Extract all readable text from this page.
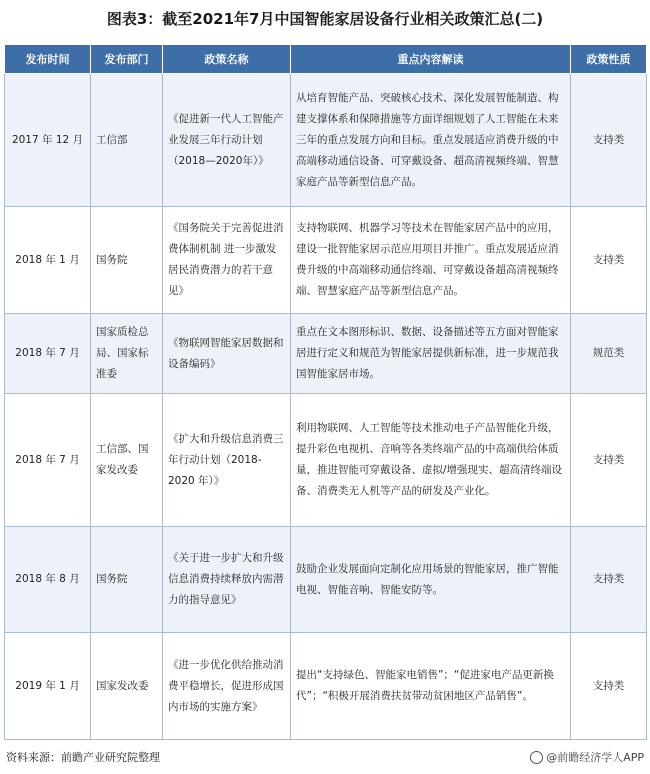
图表3：截至2021年7月中国智能家居设备行业相关政策汇总(二)
发布时间	发布部门	政策名称	重点内容解读	政策性质
2017 年 12 月	工信部	《促进新一代人工智能产业发展三年行动计划（2018—2020年）》	从培育智能产品、突破核心技术、深化发展智能制造、构建支撑体系和保障措施等方面详细规划了人工智能在未来三年的重点发展方向和目标。重点发展适应消费升级的中高端移动通信设备、可穿戴设备、超高清视频终端、智慧家庭产品等新型信息产品。	支持类
2018 年 1 月	国务院	《国务院关于完善促进消费体制机制 进一步激发居民消费潜力的若干意见》	支持物联网、机器学习等技术在智能家居产品中的应用，建设一批智能家居示范应用项目并推广。重点发展适应消费升级的中高端移动通信终端、可穿戴设备超高清视频终端、智慧家庭产品等新型信息产品。	支持类
2018 年 7 月	国家质检总局、国家标准委	《物联网智能家居数据和设备编码》	重点在文本图形标识、数据、设备描述等五方面对智能家居进行定义和规范为智能家居提供新标准，进一步规范我国智能家居市场。	规范类
2018 年 7 月	工信部、国家发改委	《扩大和升级信息消费三年行动计划（2018-2020 年）》	利用物联网、人工智能等技术推动电子产品智能化升级，提升彩色电视机、音响等各类终端产品的中高端供给体质量，推进智能可穿戴设备、虚拟/增强现实、超高清终端设备、消费类无人机等产品的研发及产业化。	支持类
2018 年 8 月	国务院	《关于进一步扩大和升级信息消费持续释放内需潜力的指导意见》	鼓励企业发展面向定制化应用场景的智能家居，推广智能电视、智能音响、智能安防等。	支持类
2019 年 1 月	国家发改委	《进一步优化供给推动消费平稳增长，促进形成国内市场的实施方案》	提出“支持绿色、智能家电销售”；“促进家电产品更新换代”；“积极开展消费扶贫带动贫困地区产品销售”。	支持类
资料来源：前瞻产业研究院整理	@前瞻经济学人APP
